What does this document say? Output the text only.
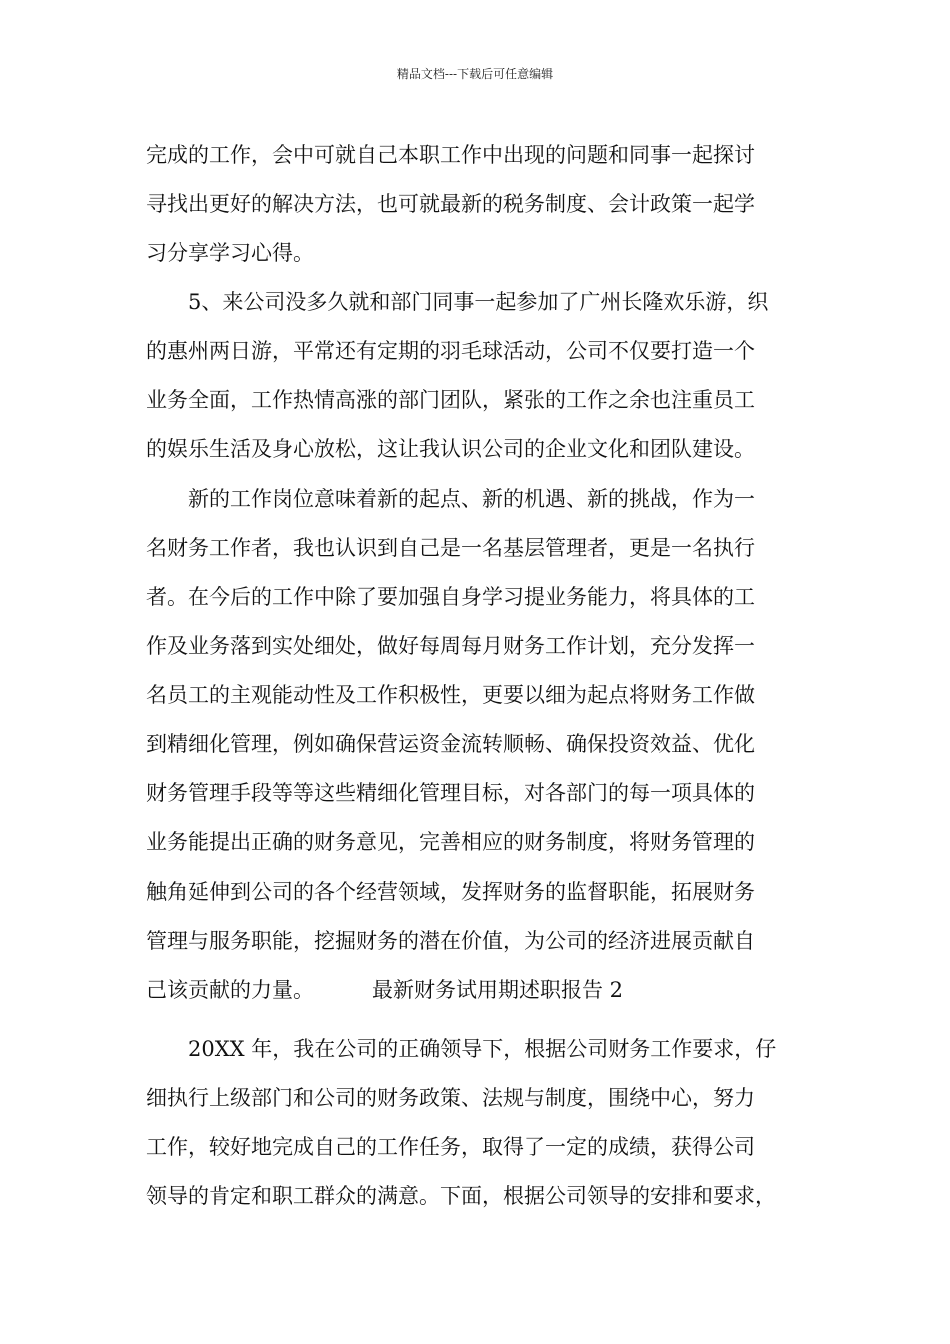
精品文档---下载后可任意编辑
完成的工作，会中可就自己本职工作中出现的问题和同事一起探讨
寻找出更好的解决方法，也可就最新的税务制度、会计政策一起学
习分享学习心得。
5、来公司没多久就和部门同事一起参加了广州长隆欢乐游，织
的惠州两日游，平常还有定期的羽毛球活动，公司不仅要打造一个
业务全面，工作热情高涨的部门团队，紧张的工作之余也注重员工
的娱乐生活及身心放松，这让我认识公司的企业文化和团队建设。
新的工作岗位意味着新的起点、新的机遇、新的挑战，作为一
名财务工作者，我也认识到自己是一名基层管理者，更是一名执行
者。在今后的工作中除了要加强自身学习提业务能力，将具体的工
作及业务落到实处细处，做好每周每月财务工作计划，充分发挥一
名员工的主观能动性及工作积极性，更要以细为起点将财务工作做
到精细化管理，例如确保营运资金流转顺畅、确保投资效益、优化
财务管理手段等等这些精细化管理目标，对各部门的每一项具体的
业务能提出正确的财务意见，完善相应的财务制度，将财务管理的
触角延伸到公司的各个经营领域，发挥财务的监督职能，拓展财务
管理与服务职能，挖掘财务的潜在价值，为公司的经济进展贡献自
己该贡献的力量。	最新财务试用期述职报告 2
20XX 年，我在公司的正确领导下，根据公司财务工作要求，仔
细执行上级部门和公司的财务政策、法规与制度，围绕中心，努力
工作，较好地完成自己的工作任务，取得了一定的成绩，获得公司
领导的肯定和职工群众的满意。下面，根据公司领导的安排和要求，
